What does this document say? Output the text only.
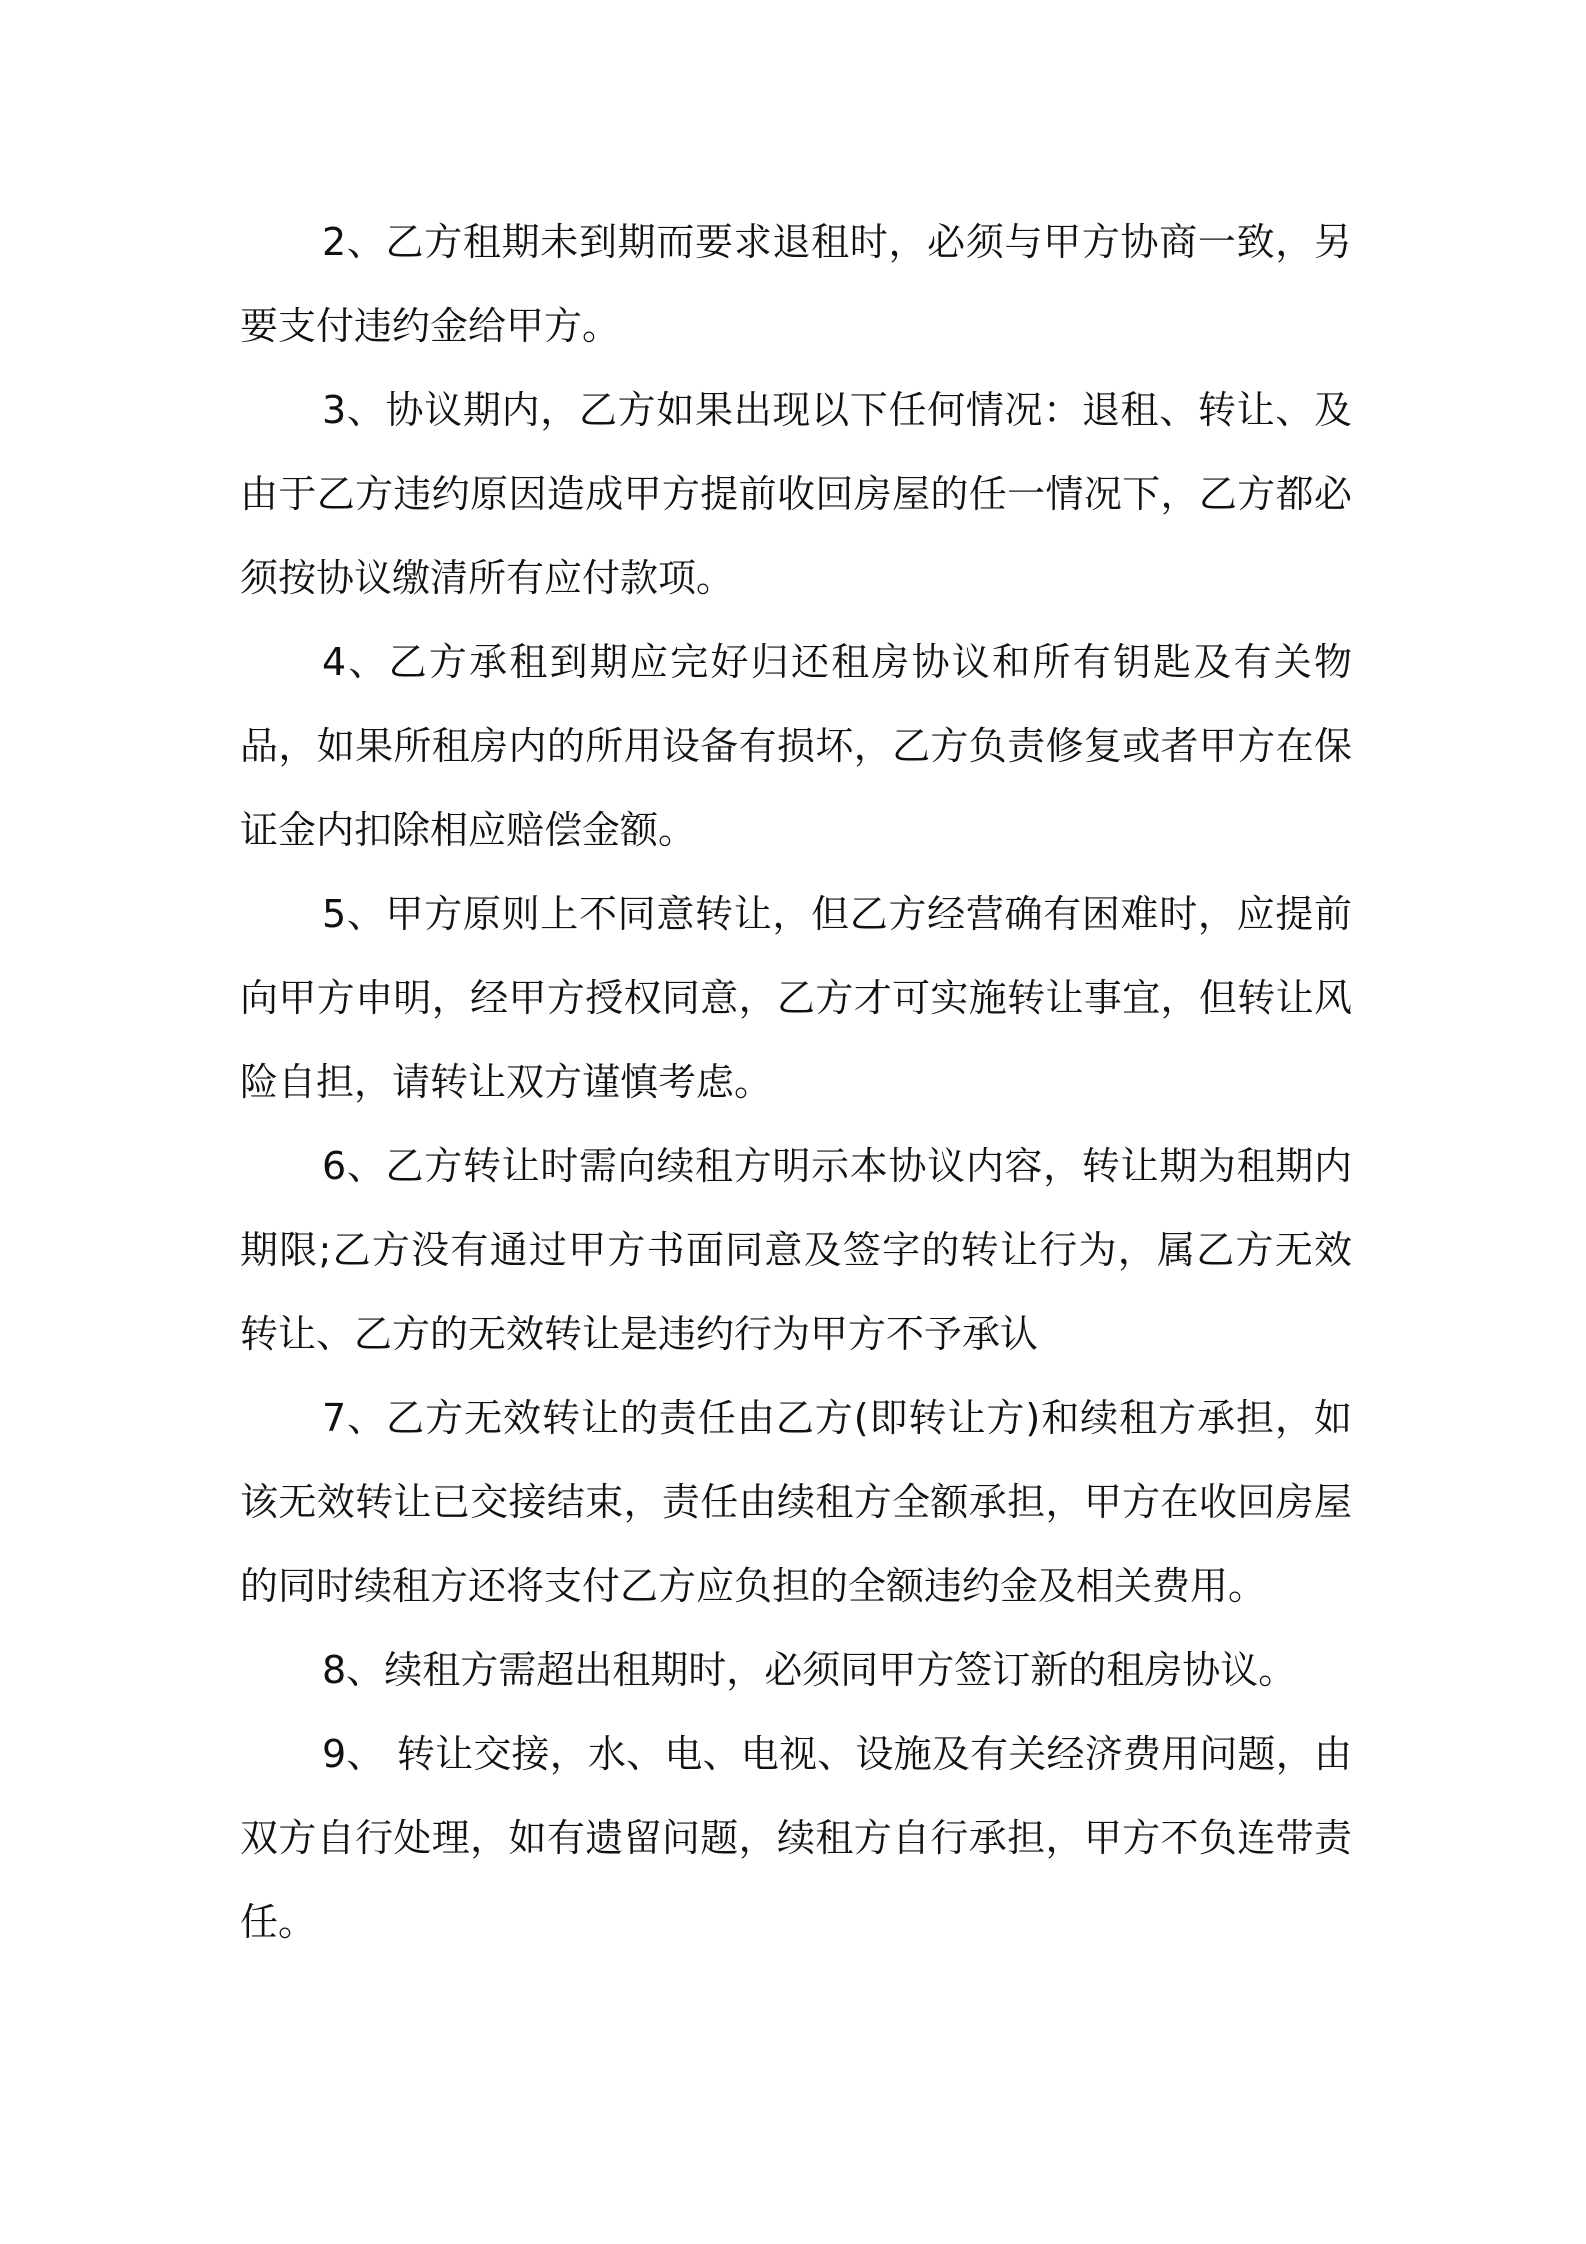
2、乙方租期未到期而要求退租时，必须与甲方协商一致，另要支付违约金给甲方。

3、协议期内，乙方如果出现以下任何情况：退租、转让、及由于乙方违约原因造成甲方提前收回房屋的任一情况下，乙方都必须按协议缴清所有应付款项。

4、乙方承租到期应完好归还租房协议和所有钥匙及有关物品，如果所租房内的所用设备有损坏，乙方负责修复或者甲方在保证金内扣除相应赔偿金额。

5、甲方原则上不同意转让，但乙方经营确有困难时，应提前向甲方申明，经甲方授权同意，乙方才可实施转让事宜，但转让风险自担，请转让双方谨慎考虑。

6、乙方转让时需向续租方明示本协议内容，转让期为租期内期限;乙方没有通过甲方书面同意及签字的转让行为，属乙方无效转让、乙方的无效转让是违约行为甲方不予承认

7、乙方无效转让的责任由乙方(即转让方)和续租方承担，如该无效转让已交接结束，责任由续租方全额承担，甲方在收回房屋的同时续租方还将支付乙方应负担的全额违约金及相关费用。

8、续租方需超出租期时，必须同甲方签订新的租房协议。

9、 转让交接，水、电、电视、设施及有关经济费用问题，由双方自行处理，如有遗留问题，续租方自行承担，甲方不负连带责任。
